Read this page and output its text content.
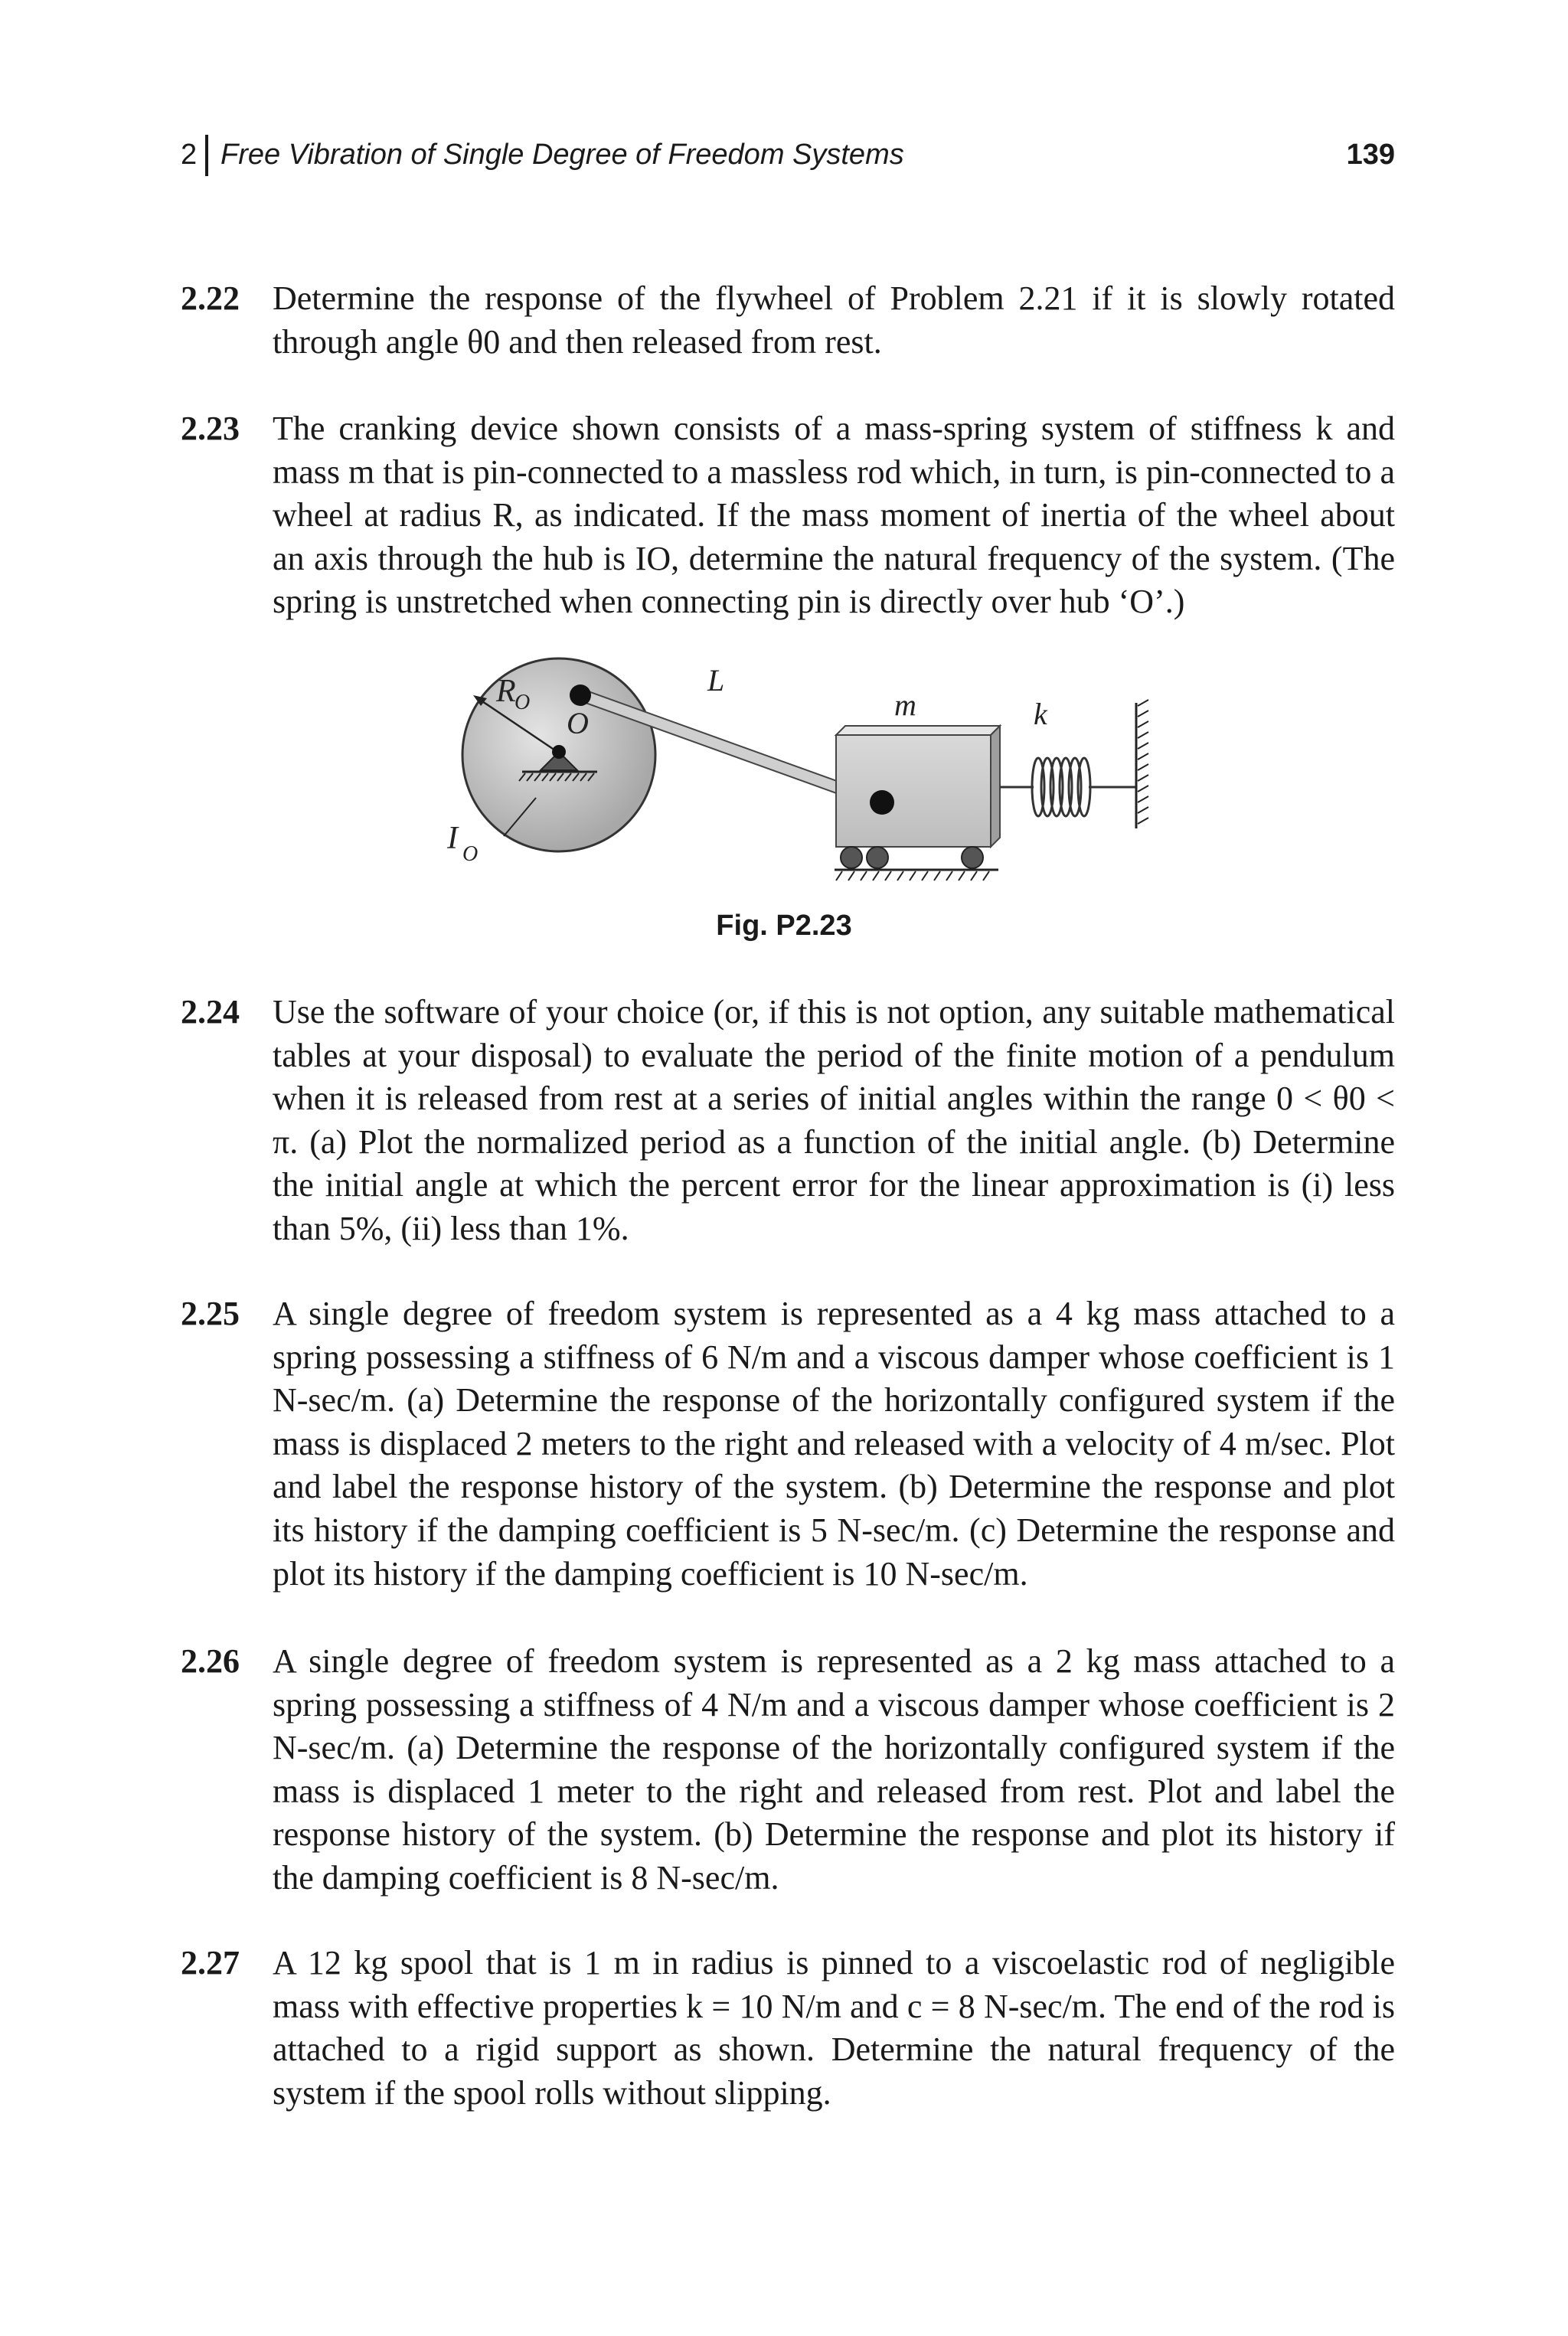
2 Free Vibration of Single Degree of Freedom Systems	139
2.22 Determine the response of the flywheel of Problem 2.21 if it is slowly rotated through angle θ0 and then released from rest.
2.23 The cranking device shown consists of a mass-spring system of stiffness k and mass m that is pin-connected to a massless rod which, in turn, is pin-connected to a wheel at radius R, as indicated. If the mass moment of inertia of the wheel about an axis through the hub is IO, determine the natural frequency of the system. (The spring is unstretched when connecting pin is directly over hub ‘O’.)
R
O
O
I O
L
m	k
Fig. P2.23
2.24 Use the software of your choice (or, if this is not option, any suitable mathematical tables at your disposal) to evaluate the period of the finite motion of a pendulum when it is released from rest at a series of initial angles within the range 0 < θ0 < π. (a) Plot the normalized period as a function of the initial angle. (b) Determine the initial angle at which the percent error for the linear approximation is (i) less than 5%, (ii) less than 1%.
2.25 A single degree of freedom system is represented as a 4 kg mass attached to a spring possessing a stiffness of 6 N/m and a viscous damper whose coefficient is 1 N-sec/m. (a) Determine the response of the horizontally configured system if the mass is displaced 2 meters to the right and released with a velocity of 4 m/sec. Plot and label the response history of the system. (b) Determine the response and plot its history if the damping coefficient is 5 N-sec/m. (c) Determine the response and plot its history if the damping coefficient is 10 N-sec/m.
2.26 A single degree of freedom system is represented as a 2 kg mass attached to a spring possessing a stiffness of 4 N/m and a viscous damper whose coefficient is 2 N-sec/m. (a) Determine the response of the horizontally configured system if the mass is displaced 1 meter to the right and released from rest. Plot and label the response history of the system. (b) Determine the response and plot its history if the damping coefficient is 8 N-sec/m.
2.27 A 12 kg spool that is 1 m in radius is pinned to a viscoelastic rod of negligible mass with effective properties k = 10 N/m and c = 8 N-sec/m. The end of the rod is attached to a rigid support as shown. Determine the natural frequency of the system if the spool rolls without slipping.
